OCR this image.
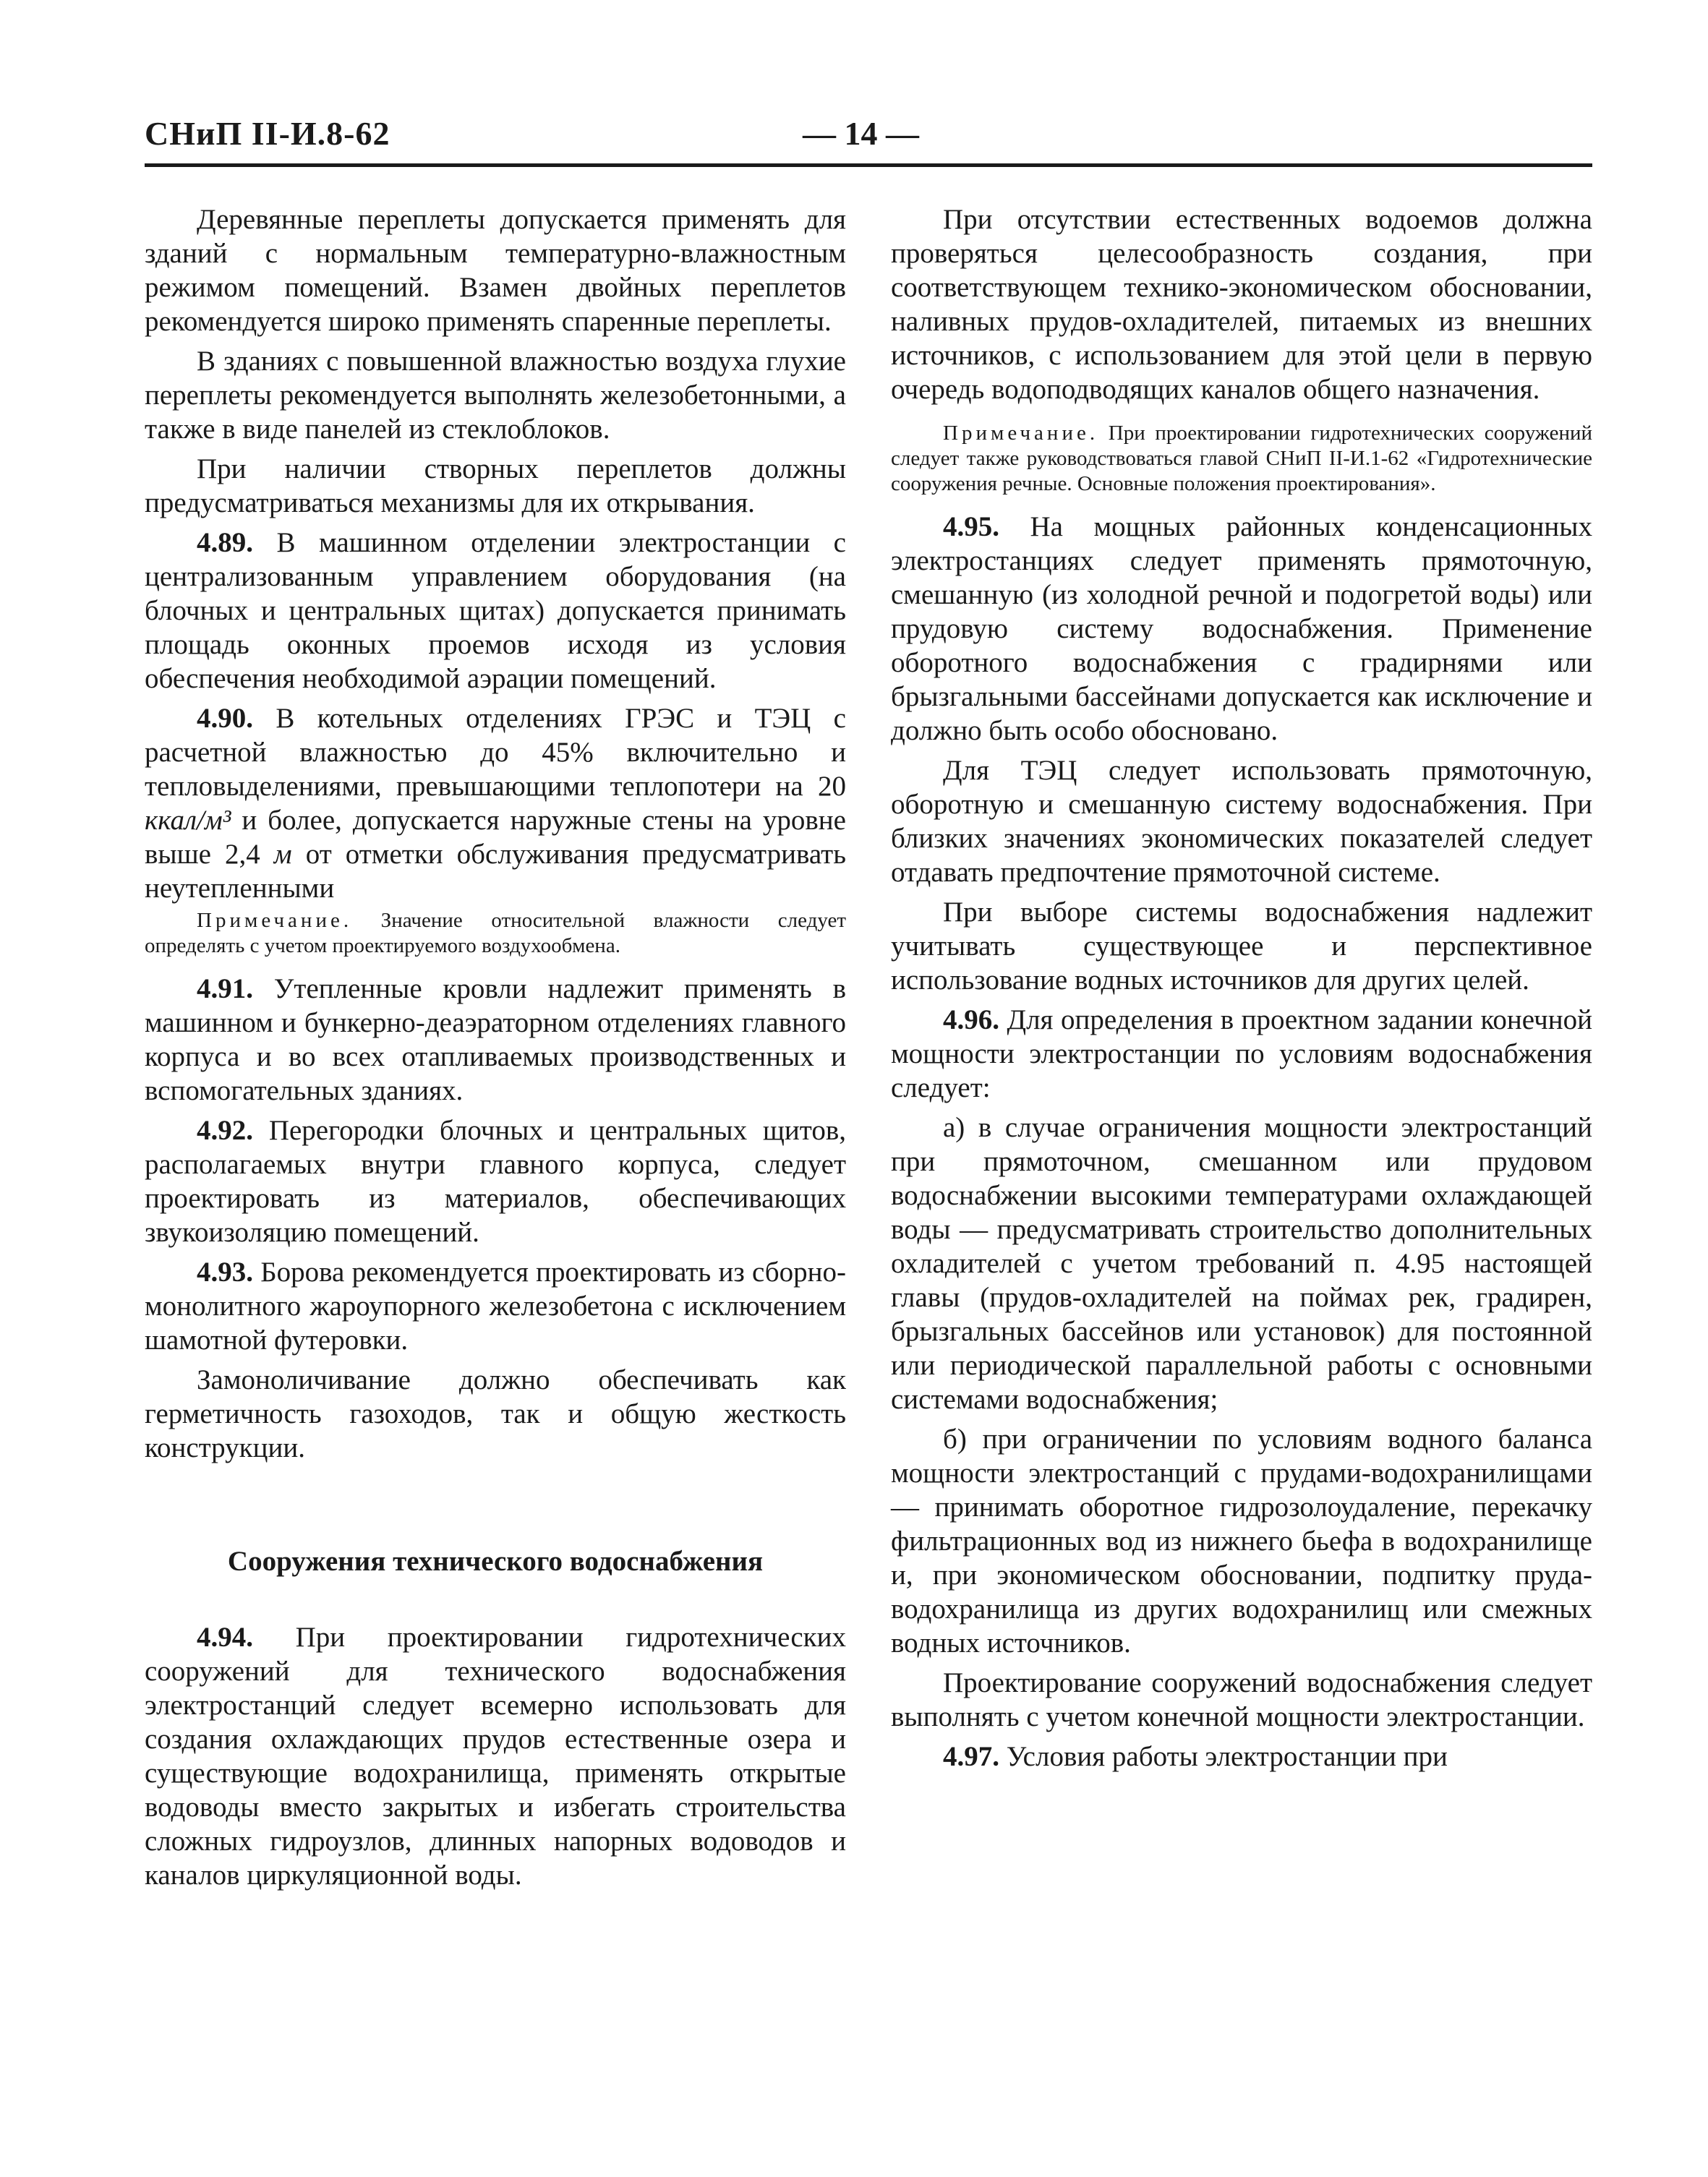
СНиП II-И.8-62	— 14 —

Деревянные переплеты допускается применять для зданий с нормальным температурно-влажностным режимом помещений. Взамен двойных переплетов рекомендуется широко применять спаренные переплеты.

В зданиях с повышенной влажностью воздуха глухие переплеты рекомендуется выполнять железобетонными, а также в виде панелей из стеклоблоков.

При наличии створных переплетов должны предусматриваться механизмы для их открывания.

4.89. В машинном отделении электростанции с централизованным управлением оборудования (на блочных и центральных щитах) допускается принимать площадь оконных проемов исходя из условия обеспечения необходимой аэрации помещений.

4.90. В котельных отделениях ГРЭС и ТЭЦ с расчетной влажностью до 45% включительно и тепловыделениями, превышающими теплопотери на 20 ккал/м³ и более, допускается наружные стены на уровне выше 2,4 м от отметки обслуживания предусматривать неутепленными

Примечание. Значение относительной влажности следует определять с учетом проектируемого воздухообмена.

4.91. Утепленные кровли надлежит применять в машинном и бункерно-деаэраторном отделениях главного корпуса и во всех отапливаемых производственных и вспомогательных зданиях.

4.92. Перегородки блочных и центральных щитов, располагаемых внутри главного корпуса, следует проектировать из материалов, обеспечивающих звукоизоляцию помещений.

4.93. Борова рекомендуется проектировать из сборно-монолитного жароупорного железобетона с исключением шамотной футеровки.

Замоноличивание должно обеспечивать как герметичность газоходов, так и общую жесткость конструкции.

Сооружения технического водоснабжения

4.94. При проектировании гидротехнических сооружений для технического водоснабжения электростанций следует всемерно использовать для создания охлаждающих прудов естественные озера и существующие водохранилища, применять открытые водоводы вместо закрытых и избегать строительства сложных гидроузлов, длинных напорных водоводов и каналов циркуляционной воды.

При отсутствии естественных водоемов должна проверяться целесообразность создания, при соответствующем технико-экономическом обосновании, наливных прудов-охладителей, питаемых из внешних источников, с использованием для этой цели в первую очередь водоподводящих каналов общего назначения.

Примечание. При проектировании гидротехнических сооружений следует также руководствоваться главой СНиП II-И.1-62 «Гидротехнические сооружения речные. Основные положения проектирования».

4.95. На мощных районных конденсационных электростанциях следует применять прямоточную, смешанную (из холодной речной и подогретой воды) или прудовую систему водоснабжения. Применение оборотного водоснабжения с градирнями или брызгальными бассейнами допускается как исключение и должно быть особо обосновано.

Для ТЭЦ следует использовать прямоточную, оборотную и смешанную систему водоснабжения. При близких значениях экономических показателей следует отдавать предпочтение прямоточной системе.

При выборе системы водоснабжения надлежит учитывать существующее и перспективное использование водных источников для других целей.

4.96. Для определения в проектном задании конечной мощности электростанции по условиям водоснабжения следует:

а) в случае ограничения мощности электростанций при прямоточном, смешанном или прудовом водоснабжении высокими температурами охлаждающей воды — предусматривать строительство дополнительных охладителей с учетом требований п. 4.95 настоящей главы (прудов-охладителей на поймах рек, градирен, брызгальных бассейнов или установок) для постоянной или периодической параллельной работы с основными системами водоснабжения;

б) при ограничении по условиям водного баланса мощности электростанций с прудами-водохранилищами — принимать оборотное гидрозолоудаление, перекачку фильтрационных вод из нижнего бьефа в водохранилище и, при экономическом обосновании, подпитку пруда-водохранилища из других водохранилищ или смежных водных источников.

Проектирование сооружений водоснабжения следует выполнять с учетом конечной мощности электростанции.

4.97. Условия работы электростанции при
